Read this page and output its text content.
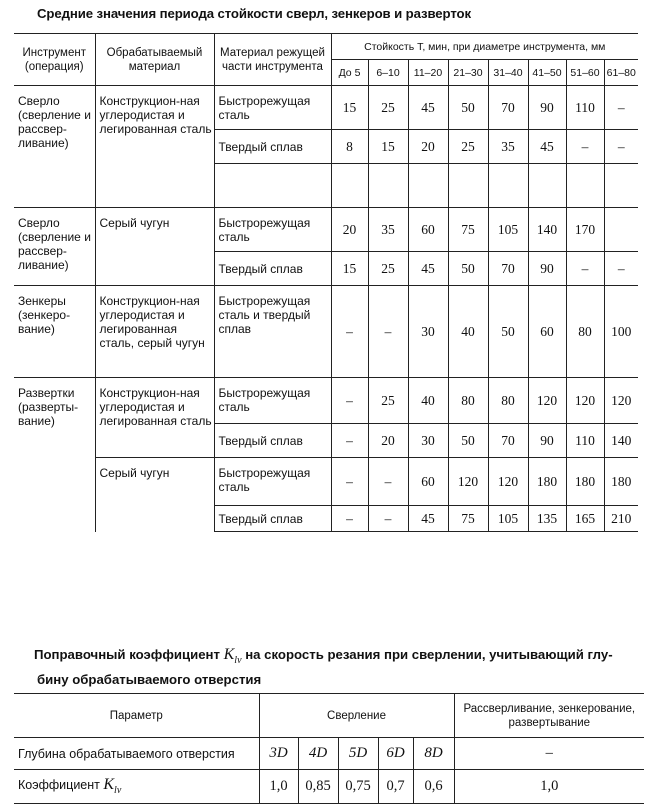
Средние значения периода стойкости сверл, зенкеров и разверток
Инструмент (операция)	Обрабатываемый материал	Материал режущей части инструмента	Стойкость T, мин, при диаметре инструмента, мм							
			До 5	6–10	11–20	21–30	31–40	41–50	51–60	61–80
Сверло (сверление и рассвер-ливание)	Конструкцион-ная углеродистая и легированная сталь	Быстрорежущая сталь	15	25	45	50	70	90	110	–
		Твердый сплав	8	15	20	25	35	45	–	–

Сверло (сверление и рассвер-ливание)	Серый чугун	Быстрорежущая сталь	20	35	60	75	105	140	170	
		Твердый сплав	15	25	45	50	70	90	–	–
Зенкеры (зенкеро-вание)	Конструкцион-ная углеродистая и легированная сталь, серый чугун	Быстрорежущая сталь и твердый сплав	–	–	30	40	50	60	80	100
Развертки (разверты-вание)	Конструкцион-ная углеродистая и легированная сталь	Быстрорежущая сталь	–	25	40	80	80	120	120	120
		Твердый сплав	–	20	30	50	70	90	110	140
	Серый чугун	Быстрорежущая сталь	–	–	60	120	120	180	180	180
		Твердый сплав	–	–	45	75	105	135	165	210
Поправочный коэффициент $K_{lv}$ на скорость резания при сверлении, учитывающий глу-
бину обрабатываемого отверстия
Параметр	Сверление					Рассверливание, зенкерование, развертывание
Глубина обрабатываемого отверстия	3D	4D	5D	6D	8D	–
Коэффициент $K_{lv}$	1,0	0,85	0,75	0,7	0,6	1,0
